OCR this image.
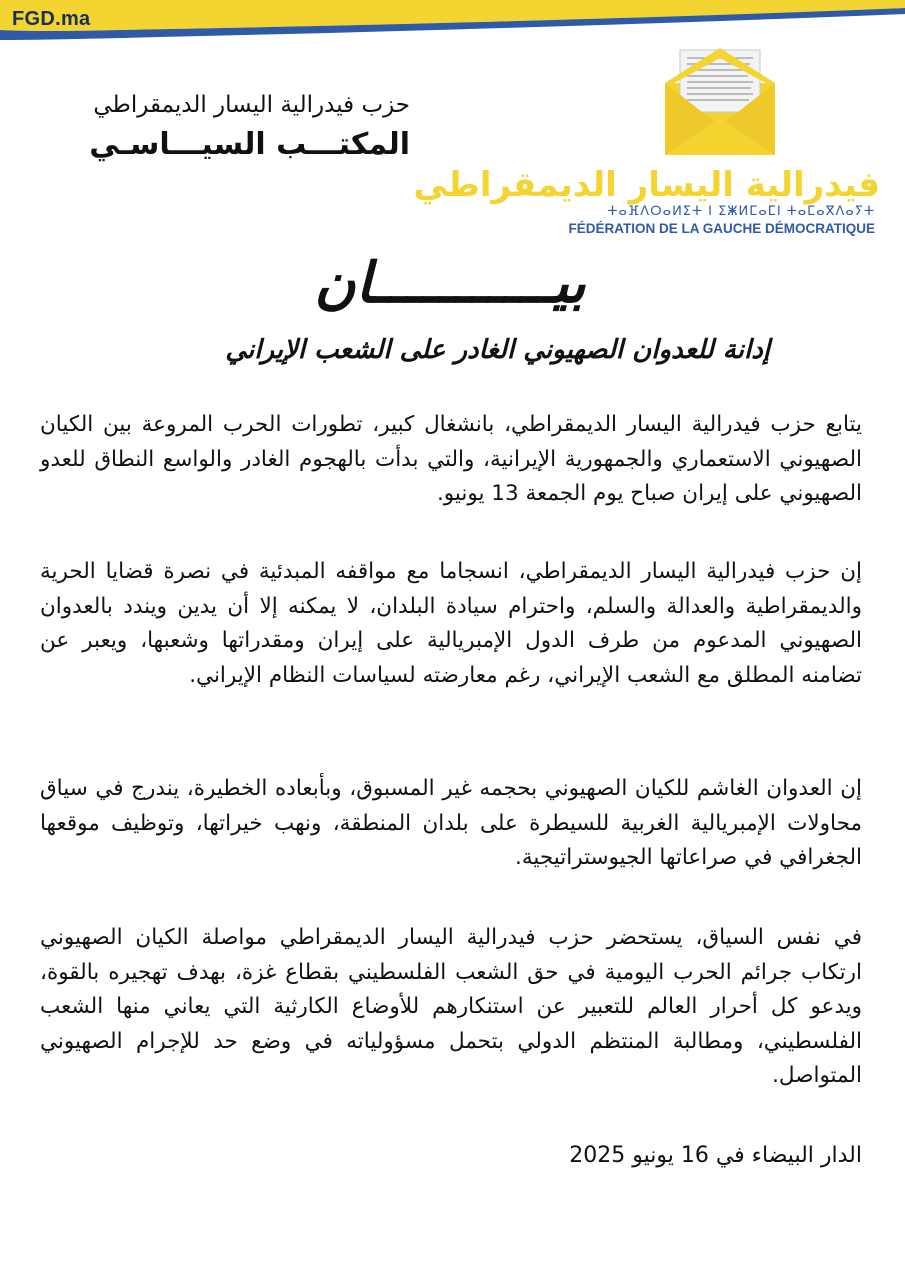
FGD.ma
حزب فيدرالية اليسار الديمقراطي
المكتـــب السيـــاسـي
فيدرالية اليسار الديمقراطي
ⵜⴰⴼⴷⵔⴰⵍⵉⵜ ⵏ ⵉⵥⵍⵎⴰⵎⵏ ⵜⴰⵎⴰⴳⴷⴰⵢⵜ
FÉDÉRATION DE LA GAUCHE DÉMOCRATIQUE
بيـــــــــــان
إدانة للعدوان الصهيوني الغادر على الشعب الإيراني

يتابع حزب فيدرالية اليسار الديمقراطي، بانشغال كبير، تطورات الحرب المروعة بين الكيان الصهيوني الاستعماري والجمهورية الإيرانية، والتي بدأت بالهجوم الغادر والواسع النطاق للعدو الصهيوني على إيران صباح يوم الجمعة 13 يونيو.

إن حزب فيدرالية اليسار الديمقراطي، انسجاما مع مواقفه المبدئية في نصرة قضايا الحرية والديمقراطية والعدالة والسلم، واحترام سيادة البلدان، لا يمكنه إلا أن يدين ويندد بالعدوان الصهيوني المدعوم من طرف الدول الإمبريالية على إيران ومقدراتها وشعبها، ويعبر عن تضامنه المطلق مع الشعب الإيراني، رغم معارضته لسياسات النظام الإيراني.

إن العدوان الغاشم للكيان الصهيوني بحجمه غير المسبوق، وبأبعاده الخطيرة، يندرج في سياق محاولات الإمبريالية الغربية للسيطرة على بلدان المنطقة، ونهب خيراتها، وتوظيف موقعها الجغرافي في صراعاتها الجيوستراتيجية.

في نفس السياق، يستحضر حزب فيدرالية اليسار الديمقراطي مواصلة الكيان الصهيوني ارتكاب جرائم الحرب اليومية في حق الشعب الفلسطيني بقطاع غزة، بهدف تهجيره بالقوة، ويدعو كل أحرار العالم للتعبير عن استنكارهم للأوضاع الكارثية التي يعاني منها الشعب الفلسطيني، ومطالبة المنتظم الدولي بتحمل مسؤولياته في وضع حد للإجرام الصهيوني المتواصل.

الدار البيضاء في 16 يونيو 2025
